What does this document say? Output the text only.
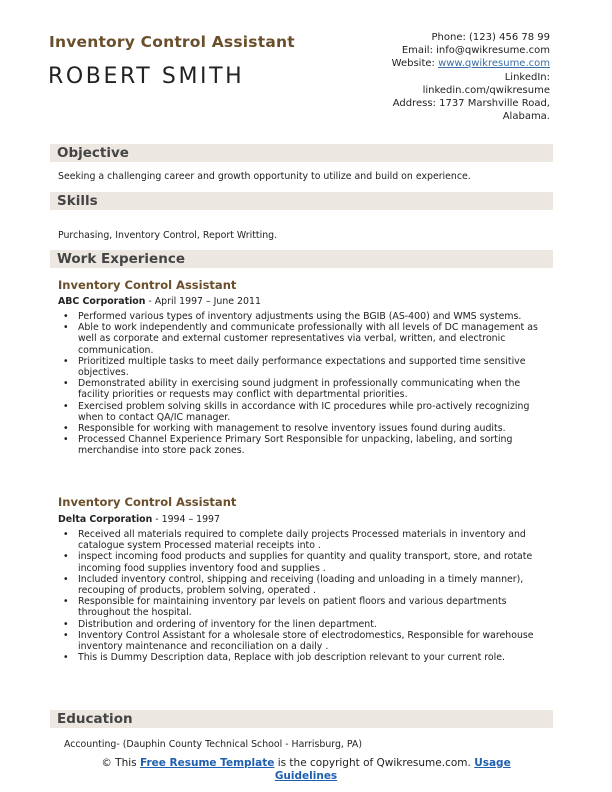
Inventory Control Assistant
ROBERT SMITH
Phone: (123) 456 78 99
Email: info@qwikresume.com
Website: www.qwikresume.com
LinkedIn:
linkedin.com/qwikresume
Address: 1737 Marshville Road,
Alabama.
Objective
Seeking a challenging career and growth opportunity to utilize and build on experience.
Skills
Purchasing, Inventory Control, Report Writting.
Work Experience
Inventory Control Assistant
ABC Corporation - April 1997 – June 2011
• Performed various types of inventory adjustments using the BGIB (AS-400) and WMS systems.
• Able to work independently and communicate professionally with all levels of DC management as well as corporate and external customer representatives via verbal, written, and electronic communication.
• Prioritized multiple tasks to meet daily performance expectations and supported time sensitive objectives.
• Demonstrated ability in exercising sound judgment in professionally communicating when the facility priorities or requests may conflict with departmental priorities.
• Exercised problem solving skills in accordance with IC procedures while pro-actively recognizing when to contact QA/IC manager.
• Responsible for working with management to resolve inventory issues found during audits.
• Processed Channel Experience Primary Sort Responsible for unpacking, labeling, and sorting merchandise into store pack zones.
Inventory Control Assistant
Delta Corporation - 1994 – 1997
• Received all materials required to complete daily projects Processed materials in inventory and catalogue system Processed material receipts into .
• inspect incoming food products and supplies for quantity and quality transport, store, and rotate incoming food supplies inventory food and supplies .
• Included inventory control, shipping and receiving (loading and unloading in a timely manner), recouping of products, problem solving, operated .
• Responsible for maintaining inventory par levels on patient floors and various departments throughout the hospital.
• Distribution and ordering of inventory for the linen department.
• Inventory Control Assistant for a wholesale store of electrodomestics, Responsible for warehouse inventory maintenance and reconciliation on a daily .
• This is Dummy Description data, Replace with job description relevant to your current role.
Education
Accounting- (Dauphin County Technical School - Harrisburg, PA)
© This Free Resume Template is the copyright of Qwikresume.com. Usage
Guidelines
